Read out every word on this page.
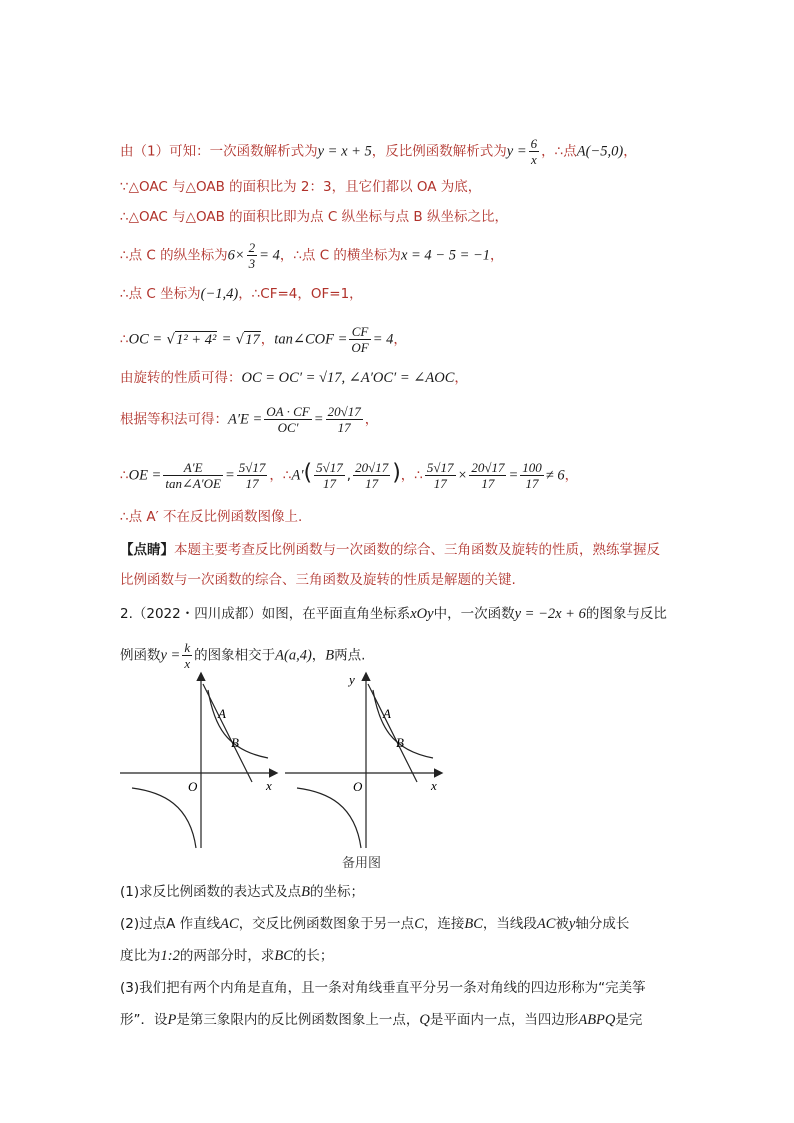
由（1）可知：一次函数解析式为y = x + 5，反比例函数解析式为$y = \frac{6}{x}$ ，∴点A(−5,0)，
∵△OAC 与△OAB 的面积比为 2：3，且它们都以 OA 为底，
∴△OAC 与△OAB 的面积比即为点 C 纵坐标与点 B 纵坐标之比，
∴点 C 的纵坐标为$6\times \frac{2}{3} = 4$，∴点 C 的横坐标为x = 4 − 5 = −1，
∴点 C 坐标为(−1,4)，∴CF=4，OF=1，
∴OC = √1² + 4² = √17，tan∠COF = $\frac{CF}{OF} = 4$，
由旋转的性质可得：OC = OC′ = √17, ∠A′OC′ = ∠AOC，
根据等积法可得：$A'E = \frac{OA \cdot CF}{OC'} = \frac{20√17}{17}$ ，
∴OE = $\frac{A'E}{\tan\angle A'OE} = \frac{5√17}{17}$ ，∴A′( $\frac{5√17}{17}$ , $\frac{20√17}{17}$ )，∴ $\frac{5√17}{17} \times \frac{20√17}{17} = \frac{100}{17} \ne 6$，
∴点 A′ 不在反比例函数图像上.
【点睛】本题主要考查反比例函数与一次函数的综合、三角函数及旋转的性质，熟练掌握反
比例函数与一次函数的综合、三角函数及旋转的性质是解题的关键.
2.（2022・四川成都）如图，在平面直角坐标系xOy中，一次函数y = −2x + 6的图象与反比
例函数$y = \frac{k}{x}$ 的图象相交于A(a,4)，B两点.
A
B
O	x
y
A
B
O	x
备用图
(1)求反比例函数的表达式及点B的坐标；
(2)过点A 作直线AC，交反比例函数图象于另一点C，连接BC，当线段AC被y轴分成长
度比为1:2的两部分时，求BC的长；
(3)我们把有两个内角是直角，且一条对角线垂直平分另一条对角线的四边形称为“完美筝
形”．设P是第三象限内的反比例函数图象上一点，Q是平面内一点，当四边形ABPQ是完
